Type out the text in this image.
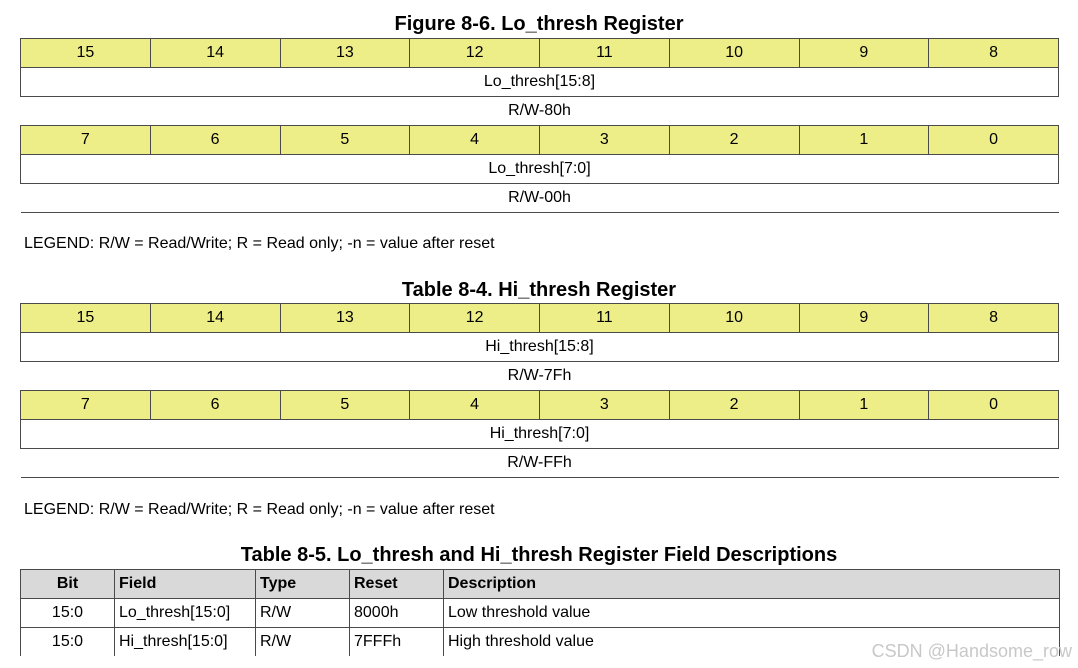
Figure 8-6. Lo_thresh Register
15	14	13	12	11	10	9	8
Lo_thresh[15:8]							
R/W-80h							
7	6	5	4	3	2	1	0
Lo_thresh[7:0]							
R/W-00h							
LEGEND: R/W = Read/Write; R = Read only; -n = value after reset
Table 8-4. Hi_thresh Register
15	14	13	12	11	10	9	8
Hi_thresh[15:8]							
R/W-7Fh							
7	6	5	4	3	2	1	0
Hi_thresh[7:0]							
R/W-FFh							
LEGEND: R/W = Read/Write; R = Read only; -n = value after reset
Table 8-5. Lo_thresh and Hi_thresh Register Field Descriptions
Bit	Field	Type	Reset	Description
15:0	Lo_thresh[15:0]	R/W	8000h	Low threshold value
15:0	Hi_thresh[15:0]	R/W	7FFFh	High threshold value	CSDN @Handsome_row
